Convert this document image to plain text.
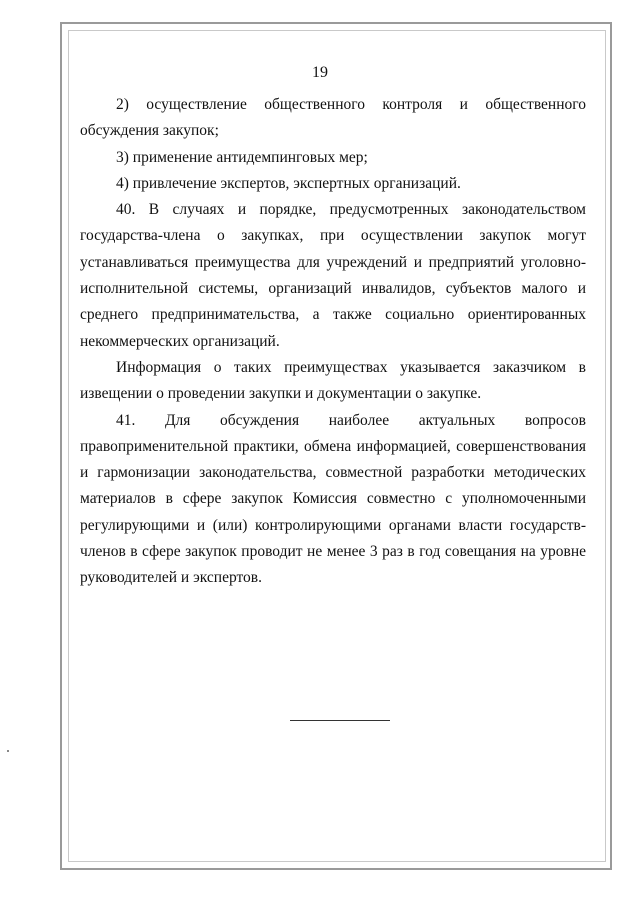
19

2) осуществление общественного контроля и общественного обсуждения закупок;

3) применение антидемпинговых мер;

4) привлечение экспертов, экспертных организаций.

40. В случаях и порядке, предусмотренных законодательством государства-члена о закупках, при осуществлении закупок могут устанавливаться преимущества для учреждений и предприятий уголовно-исполнительной системы, организаций инвалидов, субъектов малого и среднего предпринимательства, а также социально ориентированных некоммерческих организаций.

Информация о таких преимуществах указывается заказчиком в извещении о проведении закупки и документации о закупке.

41. Для обсуждения наиболее актуальных вопросов правоприменительной практики, обмена информацией, совершенствования и гармонизации законодательства, совместной разработки методических материалов в сфере закупок Комиссия совместно с уполномоченными регулирующими и (или) контролирующими органами власти государств-членов в сфере закупок проводит не менее 3 раз в год совещания на уровне руководителей и экспертов.
